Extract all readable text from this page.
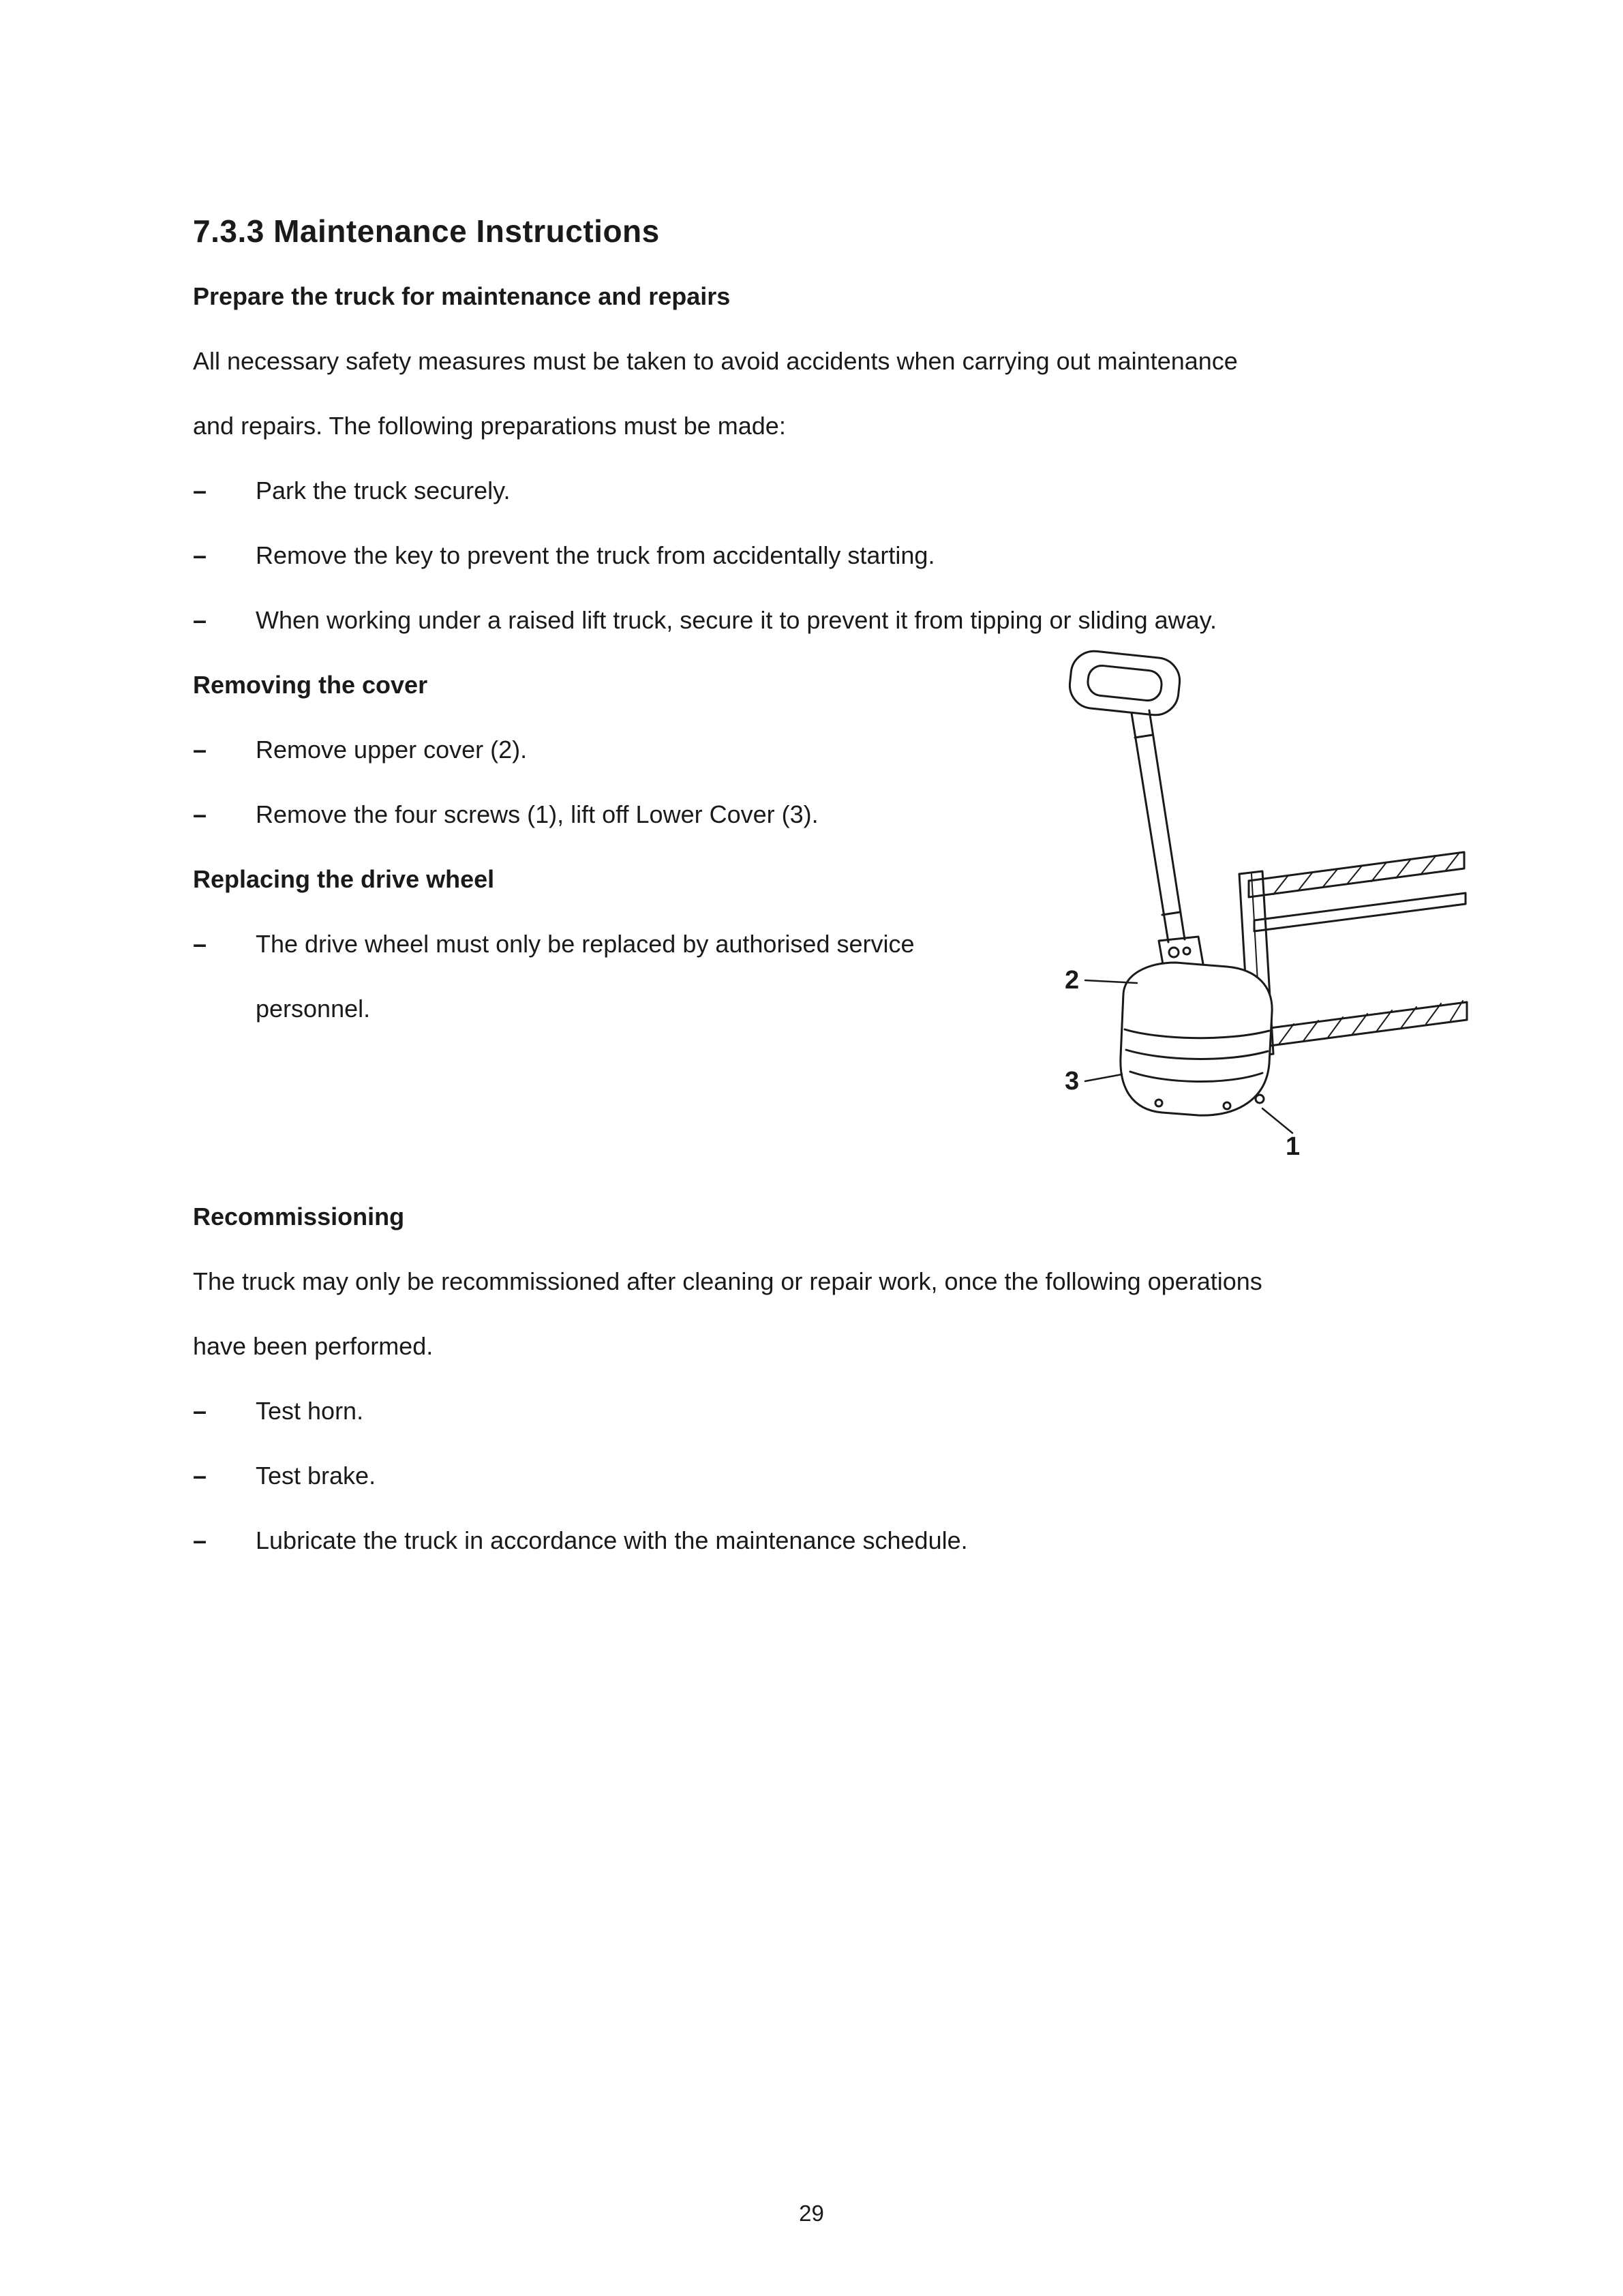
7.3.3 Maintenance Instructions
Prepare the truck for maintenance and repairs
All necessary safety measures must be taken to avoid accidents when carrying out maintenance
and repairs. The following preparations must be made:
–	Park the truck securely.
–	Remove the key to prevent the truck from accidentally starting.
–	When working under a raised lift truck, secure it to prevent it from tipping or sliding away.
Removing the cover
–	Remove upper cover (2).
–	Remove the four screws (1), lift off Lower Cover (3).
Replacing the drive wheel
–	The drive wheel must only be replaced by authorised service
personnel.
Recommissioning
The truck may only be recommissioned after cleaning or repair work, once the following operations
have been performed.
–	Test horn.
–	Test brake.
–	Lubricate the truck in accordance with the maintenance schedule.
2
3
1
29
